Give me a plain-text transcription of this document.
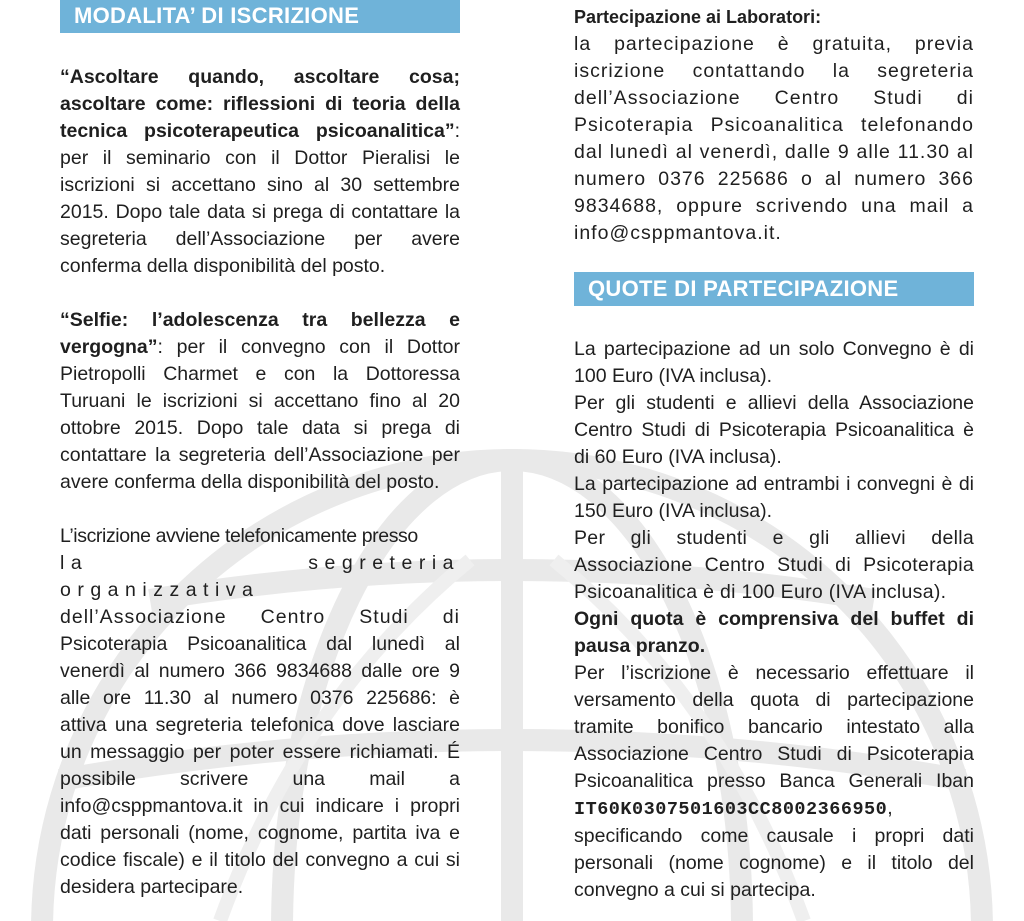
MODALITA’ DI ISCRIZIONE

“Ascoltare quando, ascoltare cosa; ascoltare come: riflessioni di teoria della tecnica psicoterapeutica psicoanalitica”: per il seminario con il Dottor Pieralisi le iscrizioni si accettano sino al 30 settembre 2015. Dopo tale data si prega di contattare la segreteria dell’Associazione per avere conferma della disponibilità del posto.

“Selfie: l’adolescenza tra bellezza e vergogna”: per il convegno con il Dottor Pietropolli Charmet e con la Dottoressa Turuani le iscrizioni si accettano fino al 20 ottobre 2015. Dopo tale data si prega di contattare la segreteria dell’Associazione per avere conferma della disponibilità del posto.

L’iscrizione avviene telefonicamente presso

la segreteria organizzativa

dell’Associazione Centro Studi di

Psicoterapia Psicoanalitica dal lunedì al venerdì al numero 366 9834688 dalle ore 9 alle ore 11.30 al numero 0376 225686: è attiva una segreteria telefonica dove lasciare un messaggio per poter essere richiamati. É possibile scrivere una mail a info@csppmantova.it in cui indicare i propri dati personali (nome, cognome, partita iva e codice fiscale) e il titolo del convegno a cui si desidera partecipare.

Partecipazione ai Laboratori:

la partecipazione è gratuita, previa iscrizione contattando la segreteria dell’Associazione Centro Studi di Psicoterapia Psicoanalitica telefonando dal lunedì al venerdì, dalle 9 alle 11.30 al numero 0376 225686 o al numero 366 9834688, oppure scrivendo una mail a info@csppmantova.it.

QUOTE DI PARTECIPAZIONE

La partecipazione ad un solo Convegno è di 100 Euro (IVA inclusa).

Per gli studenti e allievi della Associazione Centro Studi di Psicoterapia Psicoanalitica è di 60 Euro (IVA inclusa).

La partecipazione ad entrambi i convegni è di 150 Euro (IVA inclusa).

Per gli studenti e gli allievi della Associazione Centro Studi di Psicoterapia Psicoanalitica è di 100 Euro (IVA inclusa).

Ogni quota è comprensiva del buffet di pausa pranzo.

Per l’iscrizione è necessario effettuare il versamento della quota di partecipazione tramite bonifico bancario intestato alla Associazione Centro Studi di Psicoterapia Psicoanalitica presso Banca Generali Iban IT60K0307501603CC8002366950, specificando come causale i propri dati personali (nome cognome) e il titolo del convegno a cui si partecipa.
